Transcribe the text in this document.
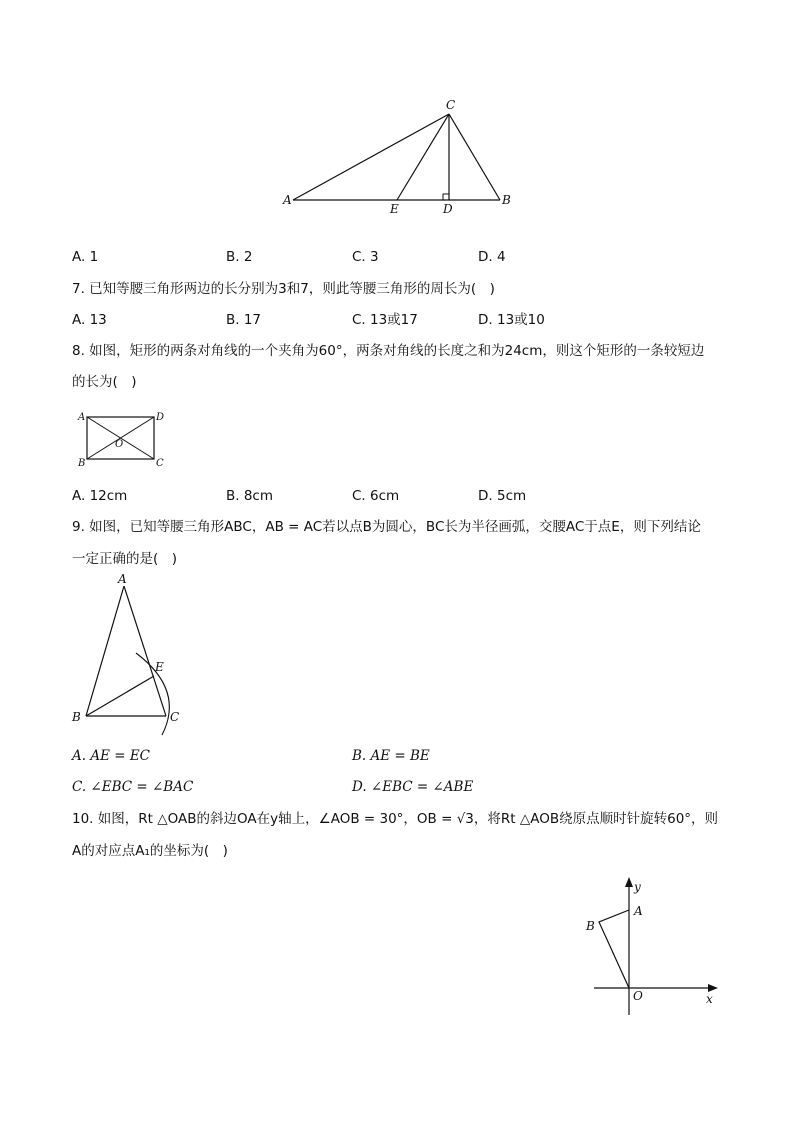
C
A	B
E	D
A. 1	B. 2	C. 3	D. 4
7. 已知等腰三角形两边的长分别为3和7，则此等腰三角形的周长为(　)
A. 13	B. 17	C. 13或17	D. 13或10
8. 如图，矩形的两条对角线的一个夹角为60°，两条对角线的长度之和为24cm，则这个矩形的一条较短边
的长为(　)
A	D
B	C
O
A. 12cm	B. 8cm	C. 6cm	D. 5cm
9. 如图，已知等腰三角形ABC，AB = AC若以点B为圆心，BC长为半径画弧，交腰AC于点E，则下列结论
一定正确的是(　)
A
E
B	C
A. AE = EC	B. AE = BE
C. ∠EBC = ∠BAC	D. ∠EBC = ∠ABE
10. 如图，Rt △OAB的斜边OA在y轴上，∠AOB = 30°，OB = √3，将Rt △AOB绕原点顺时针旋转60°，则
A的对应点A₁的坐标为(　)
y
A
B
O	x
